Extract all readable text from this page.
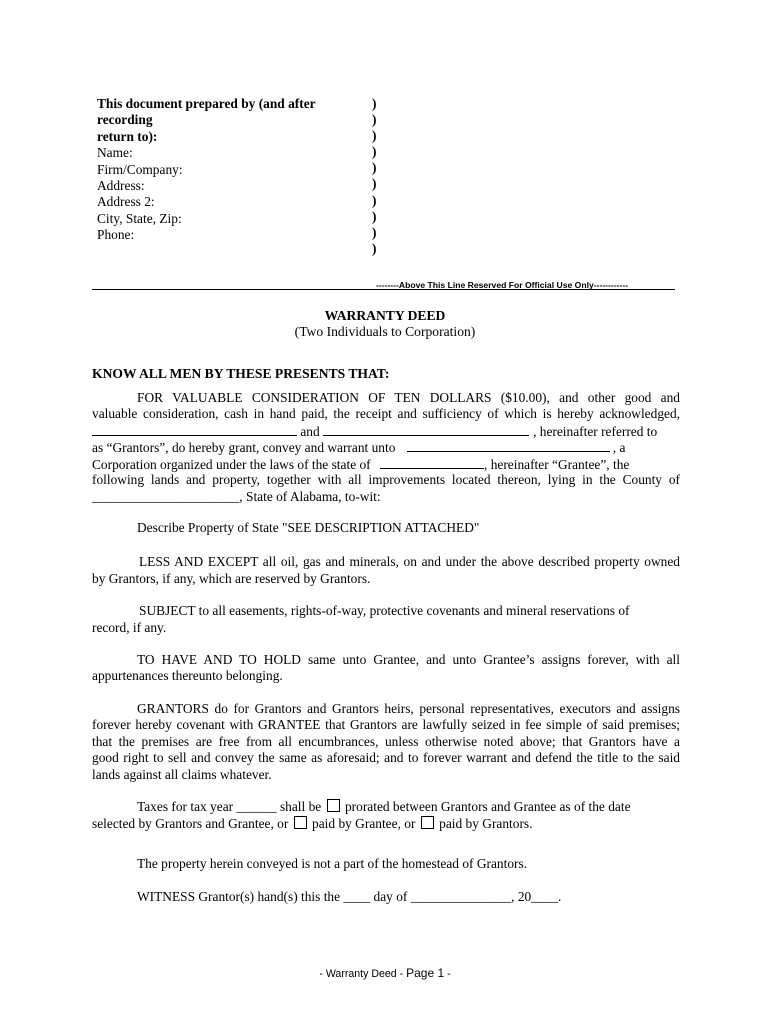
This document prepared by (and after recording
return to):
Name:
Firm/Company:
Address:
Address 2:
City, State, Zip:
Phone:
)
)
)
)
)
)
)
)
)
)
--------Above This Line Reserved For Official Use Only------------
WARRANTY DEED
(Two Individuals to Corporation)
KNOW ALL MEN BY THESE PRESENTS THAT:
FOR VALUABLE CONSIDERATION OF TEN DOLLARS ($10.00), and other good and
valuable consideration, cash in hand paid, the receipt and sufficiency of which is hereby acknowledged,
and	, hereinafter referred to
as “Grantors”, do hereby grant, convey and warrant unto	, a
Corporation organized under the laws of the state of	, hereinafter “Grantee”, the
following lands and property, together with all improvements located thereon, lying in the County of
______________________, State of Alabama, to-wit:
Describe Property of State "SEE DESCRIPTION ATTACHED"
LESS AND EXCEPT all oil, gas and minerals, on and under the above described property owned
by Grantors, if any, which are reserved by Grantors.
SUBJECT to all easements, rights-of-way, protective covenants and mineral reservations of
record, if any.
TO HAVE AND TO HOLD same unto Grantee, and unto Grantee’s assigns forever, with all
appurtenances thereunto belonging.
GRANTORS do for Grantors and Grantors heirs, personal representatives, executors and assigns
forever hereby covenant with GRANTEE that Grantors are lawfully seized in fee simple of said premises;
that the premises are free from all encumbrances, unless otherwise noted above; that Grantors have a
good right to sell and convey the same as aforesaid; and to forever warrant and defend the title to the said
lands against all claims whatever.
Taxes for tax year ______ shall be prorated between Grantors and Grantee as of the date
selected by Grantors and Grantee, or paid by Grantee, or paid by Grantors.
The property herein conveyed is not a part of the homestead of Grantors.
WITNESS Grantor(s) hand(s) this the ____ day of _______________, 20____.
- Warranty Deed - Page 1 -
